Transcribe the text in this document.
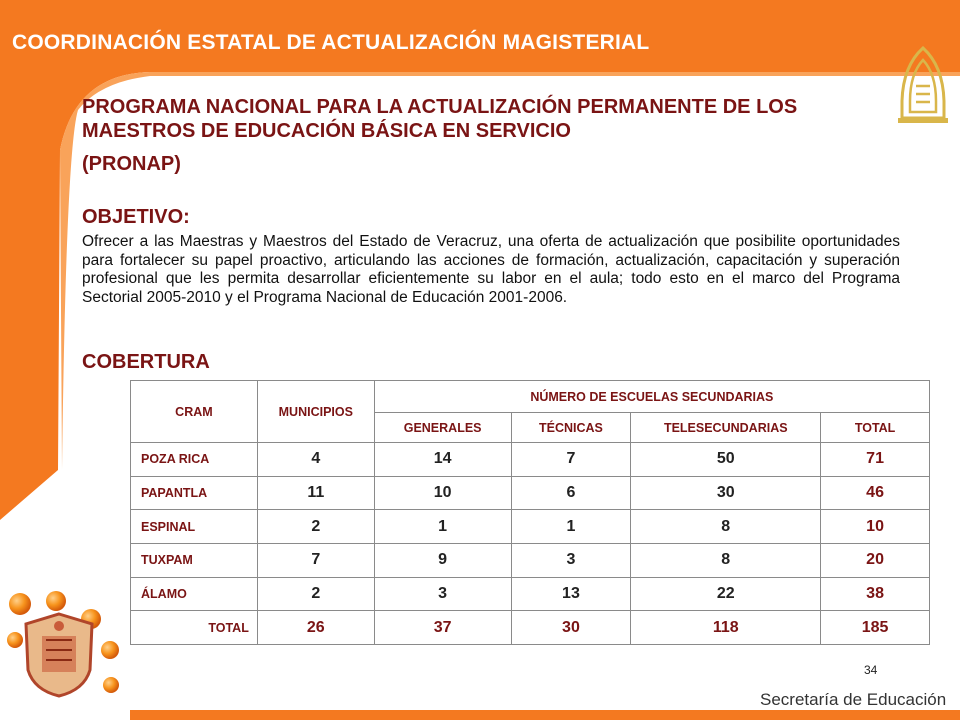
COORDINACIÓN ESTATAL DE ACTUALIZACIÓN MAGISTERIAL
PROGRAMA NACIONAL PARA LA ACTUALIZACIÓN PERMANENTE DE LOS MAESTROS DE EDUCACIÓN BÁSICA EN SERVICIO
(PRONAP)
OBJETIVO:
Ofrecer a las Maestras y Maestros del Estado de Veracruz, una oferta de actualización que posibilite oportunidades para fortalecer su papel proactivo, articulando las acciones de formación, actualización, capacitación y superación profesional que les permita desarrollar eficientemente su labor en el aula; todo esto en el marco del Programa Sectorial 2005-2010 y el Programa Nacional de Educación 2001-2006.
COBERTURA
CRAM	MUNICIPIOS	NÚMERO DE ESCUELAS SECUNDARIAS			
		GENERALES	TÉCNICAS	TELESECUNDARIAS	TOTAL
POZA RICA	4	14	7	50	71
PAPANTLA	11	10	6	30	46
ESPINAL	2	1	1	8	10
TUXPAM	7	9	3	8	20
ÁLAMO	2	3	13	22	38
TOTAL	26	37	30	118	185
34
Secretaría de Educación
